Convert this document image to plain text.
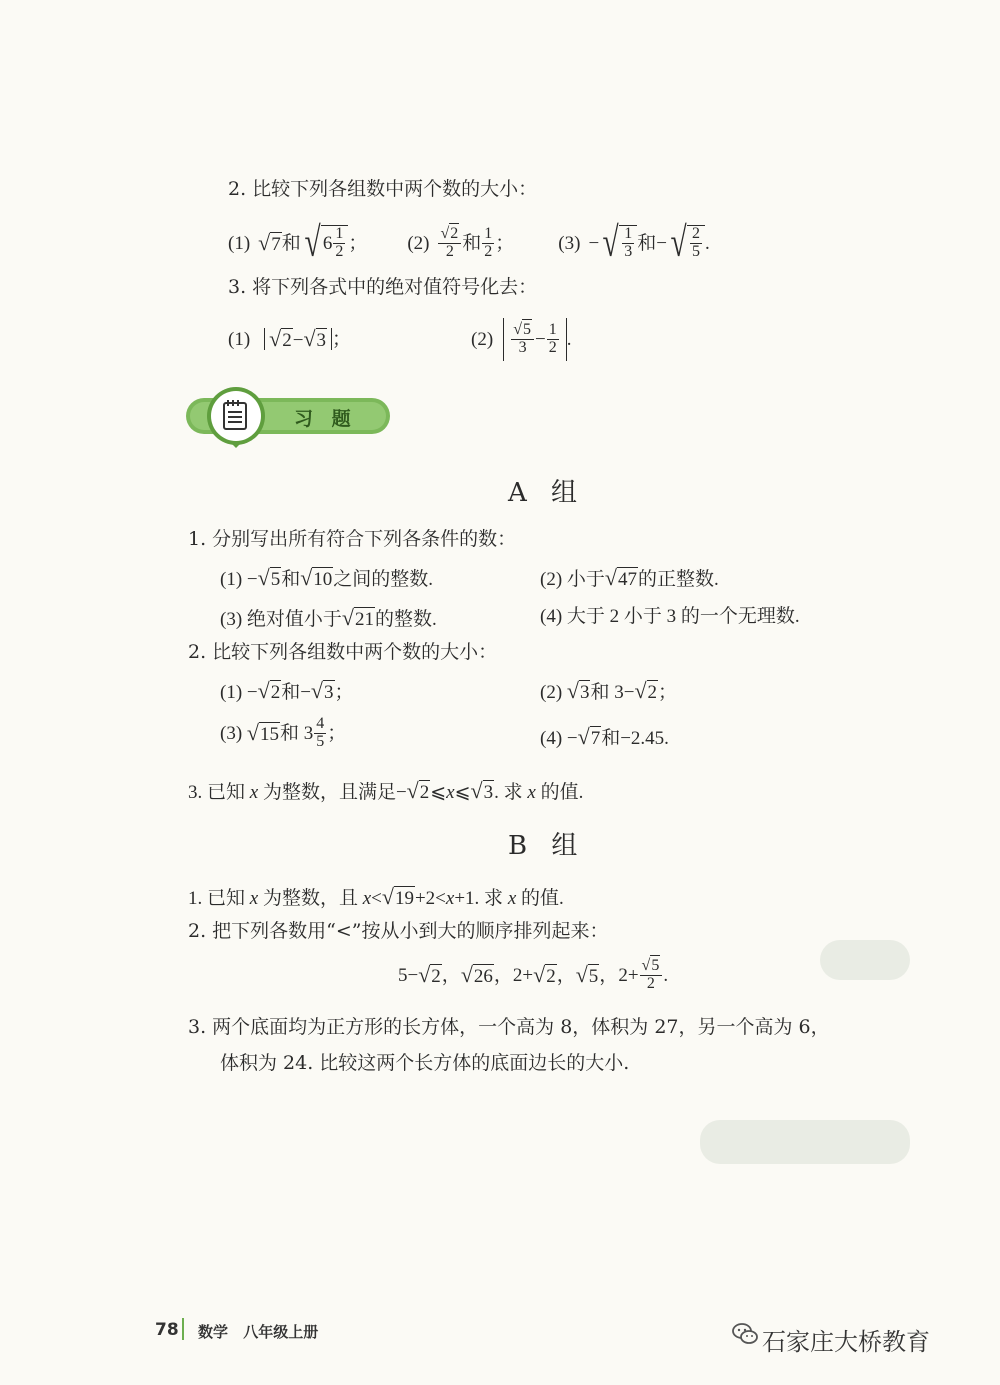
2. 比较下列各组数中两个数的大小：
(1) √7 和 √ 6 1
2 ； (2) √2
2 和 1
2 ； (3) − √ 1
3 和 − √ 2
5 .
3. 将下列各式中的绝对值符号化去：
(1) √2−√3 ；	(2) √5
$3 - \frac{1}{2}$ .
习 题
A 组
1. 分别写出所有符合下列各条件的数：
(1) −√5和√10之间的整数.	(2) 小于√47的正整数.
(3) 绝对值小于√21的整数.	(4) 大于 2 小于 3 的一个无理数.
2. 比较下列各组数中两个数的大小：
(1) −√2和−√3；	(2) √3和 3−√2；
(3)
√15 和 3 4
5 ；	(4) −√7和−2.45.
3. 已知 x 为整数，且满足−√2⩽x⩽√3. 求 x 的值.
B 组
1. 已知 x 为整数，且 x<√19+2<x+1. 求 x 的值.
2. 把下列各数用“<”按从小到大的顺序排列起来：
5− √2 ， √26 ， 2+ √2 ， √5 ， $2+ \frac{√5}{2}$ .
3. 两个底面均为正方形的长方体，一个高为 8，体积为 27，另一个高为 6，
体积为 24. 比较这两个长方体的底面边长的大小.
78 数学 八年级上册	石家庄大桥教育
